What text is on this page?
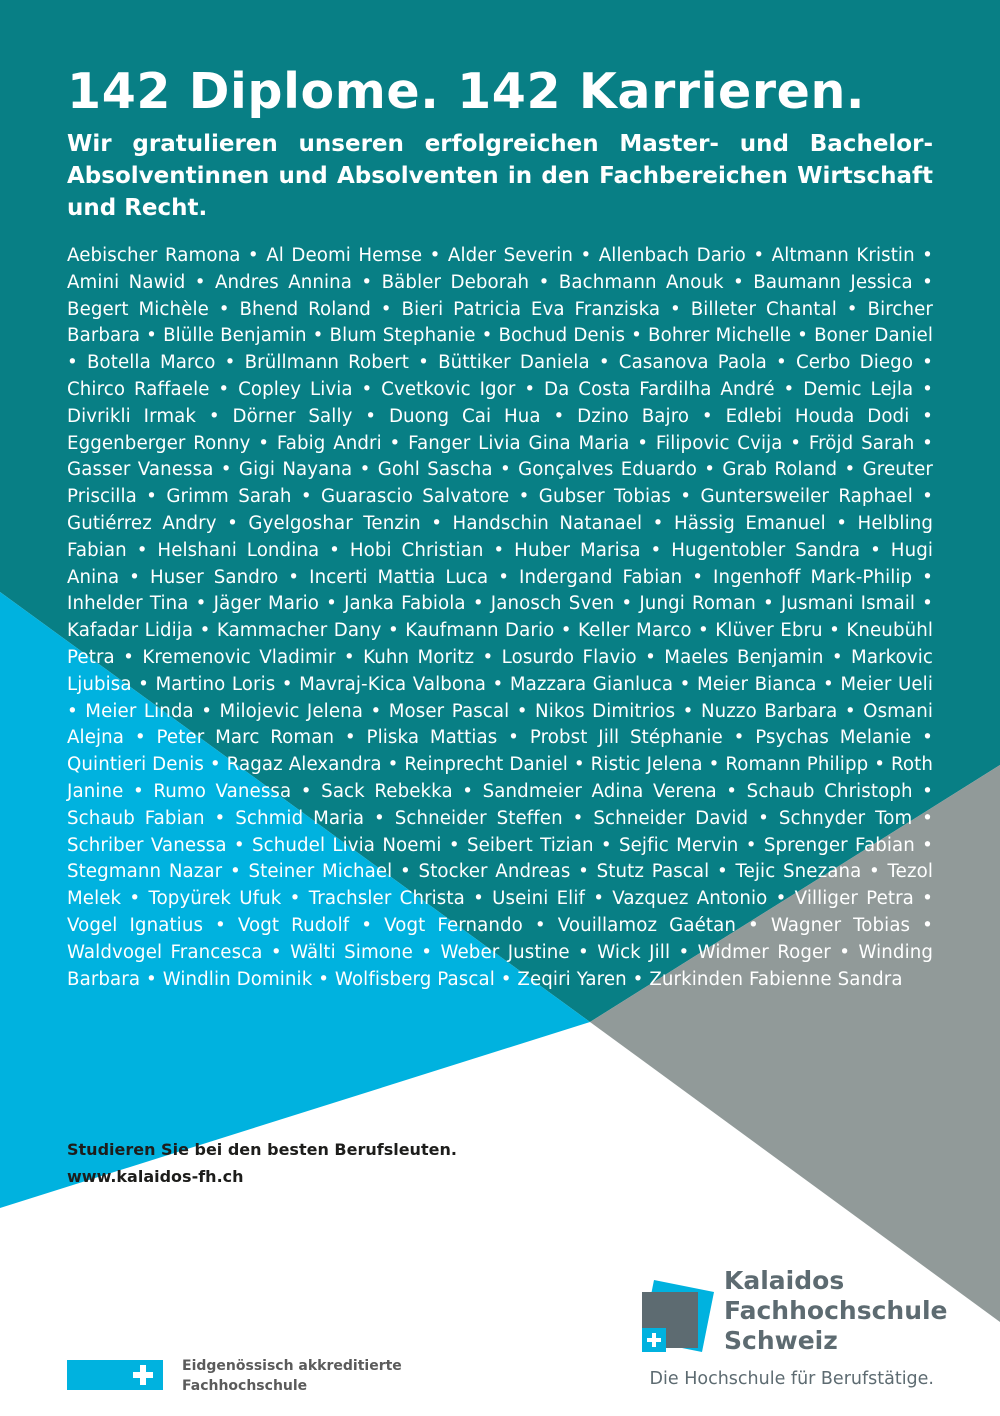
142 Diplome. 142 Karrieren.

Wir gratulieren unseren erfolgreichen Master- und Bachelor-Absolventinnen und Absolventen in den Fachbereichen Wirtschaft und Recht.

Aebischer Ramona • Al Deomi Hemse • Alder Severin • Allenbach Dario • Altmann Kristin • Amini Nawid • Andres Annina • Bäbler Deborah • Bachmann Anouk • Baumann Jessica • Begert Michèle • Bhend Roland • Bieri Patricia Eva Franziska • Billeter Chantal • Bircher Barbara • Blülle Benjamin • Blum Stephanie • Bochud Denis • Bohrer Michelle • Boner Daniel • Botella Marco • Brüllmann Robert • Büttiker Daniela • Casanova Paola • Cerbo Diego • Chirco Raffaele • Copley Livia • Cvetkovic Igor • Da Costa Fardilha André • Demic Lejla • Divrikli Irmak • Dörner Sally • Duong Cai Hua • Dzino Bajro • Edlebi Houda Dodi • Eggenberger Ronny • Fabig Andri • Fanger Livia Gina Maria • Filipovic Cvija • Fröjd Sarah • Gasser Vanessa • Gigi Nayana • Gohl Sascha • Gonçalves Eduardo • Grab Roland • Greuter Priscilla • Grimm Sarah • Guarascio Salvatore • Gubser Tobias • Guntersweiler Raphael • Gutiérrez Andry • Gyelgoshar Tenzin • Handschin Natanael • Hässig Emanuel • Helbling Fabian • Helshani Londina • Hobi Christian • Huber Marisa • Hugentobler Sandra • Hugi Anina • Huser Sandro • Incerti Mattia Luca • Indergand Fabian • Ingenhoff Mark-Philip • Inhelder Tina • Jäger Mario • Janka Fabiola • Janosch Sven • Jungi Roman • Jusmani Ismail • Kafadar Lidija • Kammacher Dany • Kaufmann Dario • Keller Marco • Klüver Ebru • Kneubühl Petra • Kremenovic Vladimir • Kuhn Moritz • Losurdo Flavio • Maeles Benjamin • Markovic Ljubisa • Martino Loris • Mavraj-Kica Valbona • Mazzara Gianluca • Meier Bianca • Meier Ueli • Meier Linda • Milojevic Jelena • Moser Pascal • Nikos Dimitrios • Nuzzo Barbara • Osmani Alejna • Peter Marc Roman • Pliska Mattias • Probst Jill Stéphanie • Psychas Melanie • Quintieri Denis • Ragaz Alexandra • Reinprecht Daniel • Ristic Jelena • Romann Philipp • Roth Janine • Rumo Vanessa • Sack Rebekka • Sandmeier Adina Verena • Schaub Christoph • Schaub Fabian • Schmid Maria • Schneider Steffen • Schneider David • Schnyder Tom • Schriber Vanessa • Schudel Livia Noemi • Seibert Tizian • Sejfic Mervin • Sprenger Fabian • Stegmann Nazar • Steiner Michael • Stocker Andreas • Stutz Pascal • Tejic Snezana • Tezol Melek • Topyürek Ufuk • Trachsler Christa • Useini Elif • Vazquez Antonio • Villiger Petra • Vogel Ignatius • Vogt Rudolf • Vogt Fernando • Vouillamoz Gaétan • Wagner Tobias • Waldvogel Francesca • Wälti Simone • Weber Justine • Wick Jill • Widmer Roger • Winding Barbara • Windlin Dominik • Wolfisberg Pascal • Zeqiri Yaren • Zurkinden Fabienne Sandra

Studieren Sie bei den besten Berufsleuten.
www.kalaidos-fh.ch
Kalaidos
Fachhochschule
Schweiz
Die Hochschule für Berufstätige.
Eidgenössisch akkreditierte
Fachhochschule
